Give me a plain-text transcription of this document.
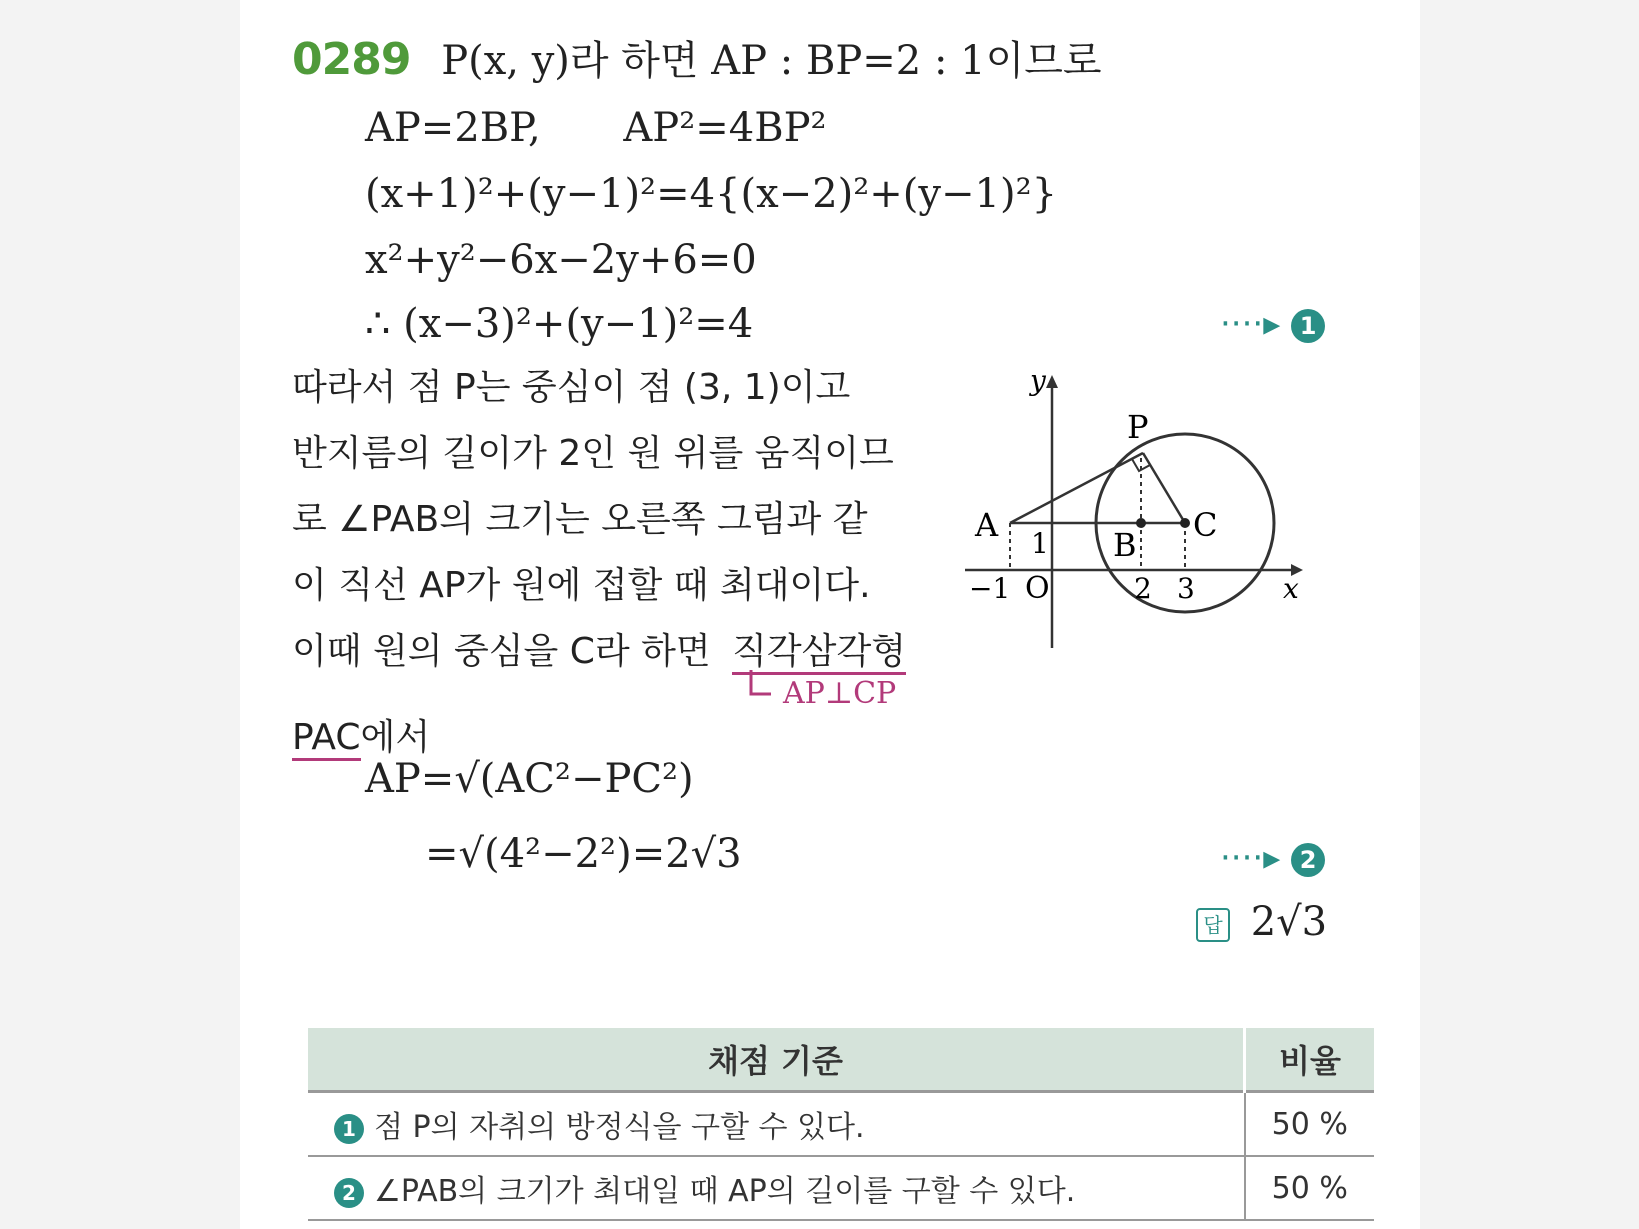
0289 P(x, y)라 하면 AP : BP=2 : 1이므로
AP=2BP, AP²=4BP²
(x+1)²+(y−1)²=4{(x−2)²+(y−1)²}
x²+y²−6x−2y+6=0
∴ (x−3)²+(y−1)²=4	····▸ 1
따라서 점 P는 중심이 점 (3, 1)이고
반지름의 길이가 2인 원 위를 움직이므
로 ∠PAB의 크기는 오른쪽 그림과 같
이 직선 AP가 원에 접할 때 최대이다.
이때 원의 중심을 C라 하면 직각삼각형
PAC에서
AP⊥CP
AP=√(AC²−PC²)
=√(4²−2²)=2√3	····▸ 2
답 2√3
y
x
P
A
B
C
1
−1 O	2 3
채점 기준	비율
1 점 P의 자취의 방정식을 구할 수 있다.	50 %
2 ∠PAB의 크기가 최대일 때 AP의 길이를 구할 수 있다.	50 %
